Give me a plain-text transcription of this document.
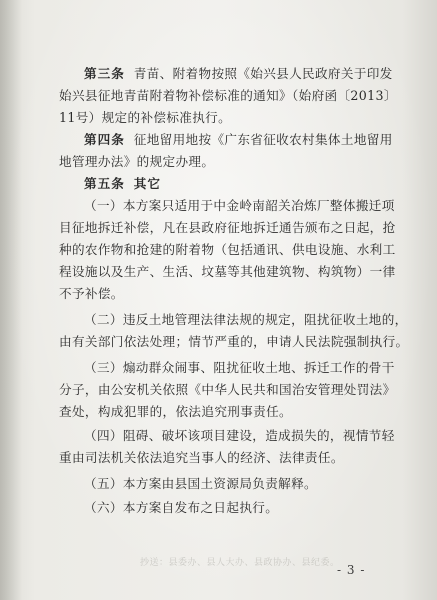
第三条 青苗、附着物按照《始兴县人民政府关于印发
始兴县征地青苗附着物补偿标准的通知》（始府函〔2013〕
11号）规定的补偿标准执行。
第四条 征地留用地按《广东省征收农村集体土地留用
地管理办法》的规定办理。
第五条 其它
（一）本方案只适用于中金岭南韶关冶炼厂整体搬迁项
目征地拆迁补偿，凡在县政府征地拆迁通告颁布之日起，抢
种的农作物和抢建的附着物（包括通讯、供电设施、水利工
程设施以及生产、生活、坟墓等其他建筑物、构筑物）一律
不予补偿。
（二）违反土地管理法律法规的规定，阻扰征收土地的，
由有关部门依法处理；情节严重的，申请人民法院强制执行。
（三）煽动群众闹事、阻扰征收土地、拆迁工作的骨干
分子，由公安机关依照《中华人民共和国治安管理处罚法》
查处，构成犯罪的，依法追究刑事责任。
（四）阻碍、破坏该项目建设，造成损失的，视情节轻
重由司法机关依法追究当事人的经济、法律责任。
（五）本方案由县国土资源局负责解释。
（六）本方案自发布之日起执行。
抄送：县委办、县人大办、县政协办、县纪委。
- 3 -
